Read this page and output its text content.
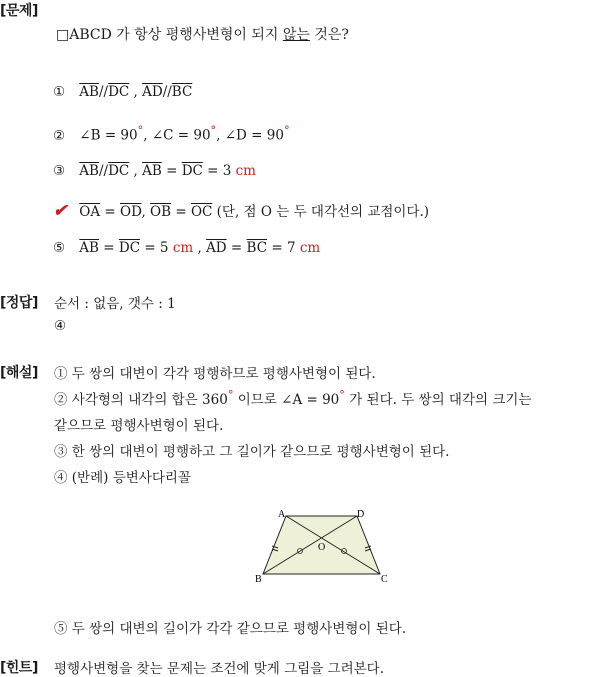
[문제]
□ABCD 가 항상 평행사변형이 되지 않는 것은?
① $\overline{AB}//\overline{DC}$ , $\overline{AD}//\overline{BC}$
② ∠B = 90°, ∠C = 90°, ∠D = 90°
③ $\overline{AB}//\overline{DC}$ , $\overline{AB} = \overline{DC} = 3$ cm
✔ $\overline{OA} = \overline{OD}$, $\overline{OB} = \overline{OC}$ (단, 점 O 는 두 대각선의 교점이다.)
⑤ $\overline{AB} = \overline{DC} = 5$ cm , $\overline{AD} = \overline{BC} = 7$ cm
[정답] 순서 : 없음, 갯수 : 1
④
[해설] ① 두 쌍의 대변이 각각 평행하므로 평행사변형이 된다.
② 사각형의 내각의 합은 360° 이므로 ∠A = 90° 가 된다. 두 쌍의 대각의 크기는
같으므로 평행사변형이 된다.
③ 한 쌍의 대변이 평행하고 그 길이가 같으므로 평행사변형이 된다.
④ (반례) 등변사다리꼴
A	D
B	C
O
⑤ 두 쌍의 대변의 길이가 각각 같으므로 평행사변형이 된다.
[힌트] 평행사변형을 찾는 문제는 조건에 맞게 그림을 그려본다.
